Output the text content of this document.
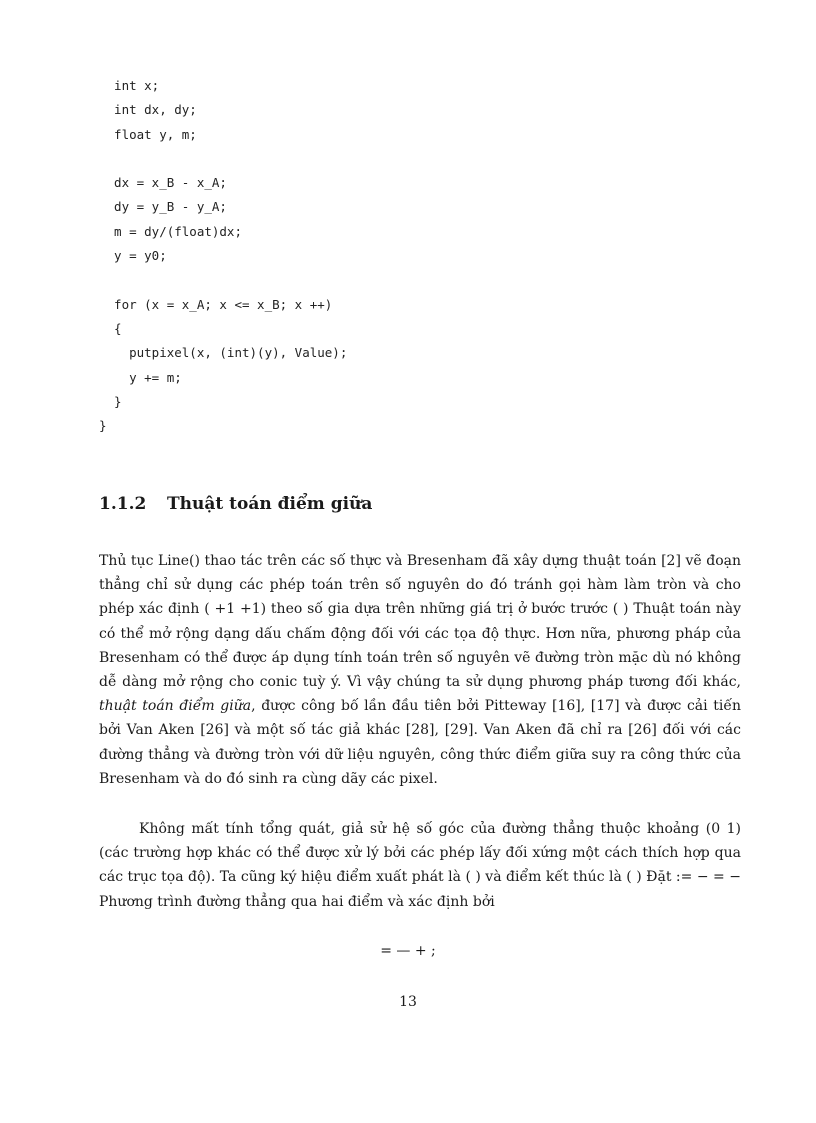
int x;
int dx, dy;
float y, m;
dx = x_B - x_A;
dy = y_B - y_A;
m = dy/(float)dx;
y = y0;
for (x = x_A; x <= x_B; x ++)
{
putpixel(x, (int)(y), Value);
y += m;
}
}
1.1.2 Thuật toán điểm giữa

Thủ tục Line() thao tác trên các số thực và Bresenham đã xây dựng thuật toán [2] vẽ đoạn thẳng chỉ sử dụng các phép toán trên số nguyên do đó tránh gọi hàm làm tròn và cho phép xác định ( +1 +1) theo số gia dựa trên những giá trị ở bước trước ( ) Thuật toán này có thể mở rộng dạng dấu chấm động đối với các tọa độ thực. Hơn nữa, phương pháp của Bresenham có thể được áp dụng tính toán trên số nguyên vẽ đường tròn mặc dù nó không dễ dàng mở rộng cho conic tuỳ ý. Vì vậy chúng ta sử dụng phương pháp tương đối khác, thuật toán điểm giữa, được công bố lần đầu tiên bởi Pitteway [16], [17] và được cải tiến bởi Van Aken [26] và một số tác giả khác [28], [29]. Van Aken đã chỉ ra [26] đối với các đường thẳng và đường tròn với dữ liệu nguyên, công thức điểm giữa suy ra công thức của Bresenham và do đó sinh ra cùng dãy các pixel.

Không mất tính tổng quát, giả sử hệ số góc của đường thẳng thuộc khoảng (0 1) (các trường hợp khác có thể được xử lý bởi các phép lấy đối xứng một cách thích hợp qua các trục tọa độ). Ta cũng ký hiệu điểm xuất phát là ( ) và điểm kết thúc là ( ) Đặt := − = − Phương trình đường thẳng qua hai điểm và xác định bởi

= — + ;

13
